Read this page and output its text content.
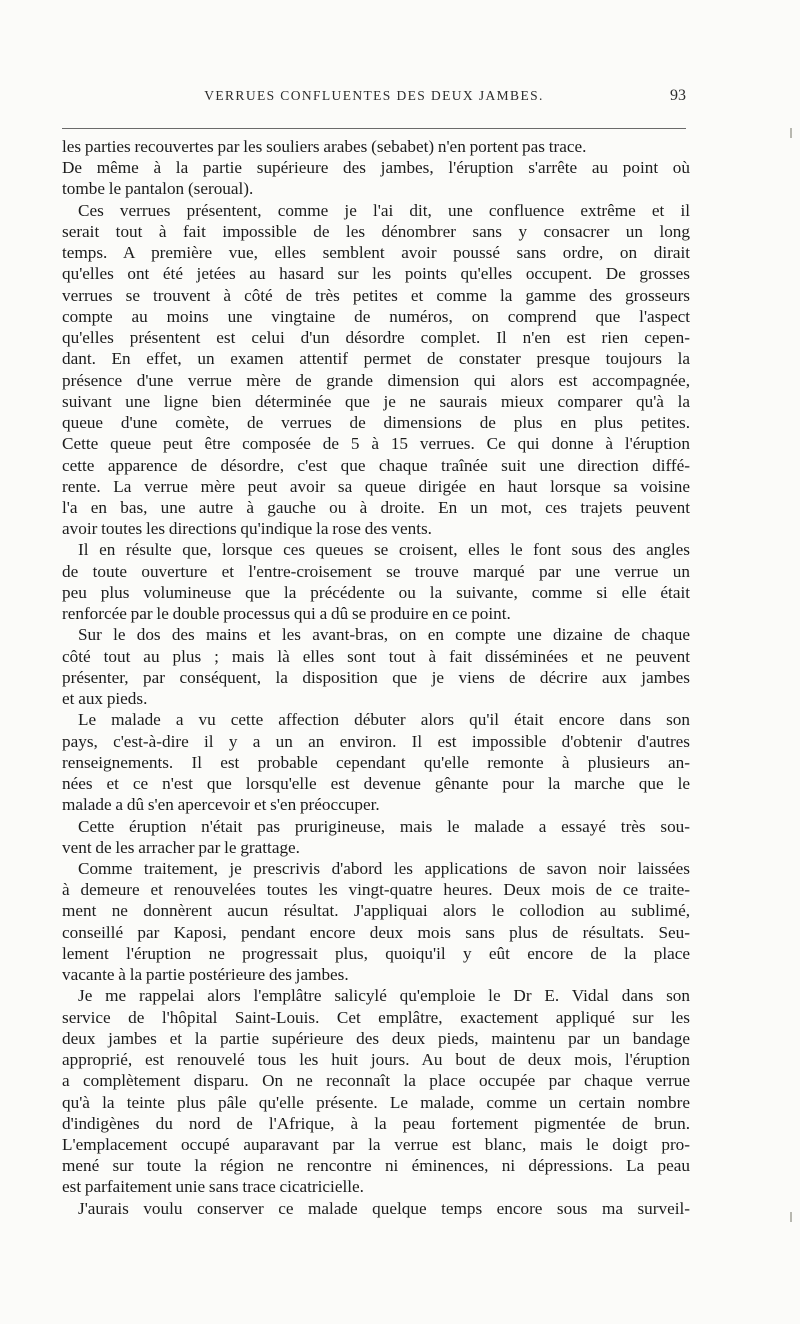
VERRUES CONFLUENTES DES DEUX JAMBES.	93
les parties recouvertes par les souliers arabes (sebabet) n'en portent pas trace.
De même à la partie supérieure des jambes, l'éruption s'arrête au point où
tombe le pantalon (seroual).
Ces verrues présentent, comme je l'ai dit, une confluence extrême et il
serait tout à fait impossible de les dénombrer sans y consacrer un long
temps. A première vue, elles semblent avoir poussé sans ordre, on dirait
qu'elles ont été jetées au hasard sur les points qu'elles occupent. De grosses
verrues se trouvent à côté de très petites et comme la gamme des grosseurs
compte au moins une vingtaine de numéros, on comprend que l'aspect
qu'elles présentent est celui d'un désordre complet. Il n'en est rien cepen-
dant. En effet, un examen attentif permet de constater presque toujours la
présence d'une verrue mère de grande dimension qui alors est accompagnée,
suivant une ligne bien déterminée que je ne saurais mieux comparer qu'à la
queue d'une comète, de verrues de dimensions de plus en plus petites.
Cette queue peut être composée de 5 à 15 verrues. Ce qui donne à l'éruption
cette apparence de désordre, c'est que chaque traînée suit une direction diffé-
rente. La verrue mère peut avoir sa queue dirigée en haut lorsque sa voisine
l'a en bas, une autre à gauche ou à droite. En un mot, ces trajets peuvent
avoir toutes les directions qu'indique la rose des vents.
Il en résulte que, lorsque ces queues se croisent, elles le font sous des angles
de toute ouverture et l'entre-croisement se trouve marqué par une verrue un
peu plus volumineuse que la précédente ou la suivante, comme si elle était
renforcée par le double processus qui a dû se produire en ce point.
Sur le dos des mains et les avant-bras, on en compte une dizaine de chaque
côté tout au plus ; mais là elles sont tout à fait disséminées et ne peuvent
présenter, par conséquent, la disposition que je viens de décrire aux jambes
et aux pieds.
Le malade a vu cette affection débuter alors qu'il était encore dans son
pays, c'est-à-dire il y a un an environ. Il est impossible d'obtenir d'autres
renseignements. Il est probable cependant qu'elle remonte à plusieurs an-
nées et ce n'est que lorsqu'elle est devenue gênante pour la marche que le
malade a dû s'en apercevoir et s'en préoccuper.
Cette éruption n'était pas prurigineuse, mais le malade a essayé très sou-
vent de les arracher par le grattage.
Comme traitement, je prescrivis d'abord les applications de savon noir laissées
à demeure et renouvelées toutes les vingt-quatre heures. Deux mois de ce traite-
ment ne donnèrent aucun résultat. J'appliquai alors le collodion au sublimé,
conseillé par Kaposi, pendant encore deux mois sans plus de résultats. Seu-
lement l'éruption ne progressait plus, quoiqu'il y eût encore de la place
vacante à la partie postérieure des jambes.
Je me rappelai alors l'emplâtre salicylé qu'emploie le Dr E. Vidal dans son
service de l'hôpital Saint-Louis. Cet emplâtre, exactement appliqué sur les
deux jambes et la partie supérieure des deux pieds, maintenu par un bandage
approprié, est renouvelé tous les huit jours. Au bout de deux mois, l'éruption
a complètement disparu. On ne reconnaît la place occupée par chaque verrue
qu'à la teinte plus pâle qu'elle présente. Le malade, comme un certain nombre
d'indigènes du nord de l'Afrique, à la peau fortement pigmentée de brun.
L'emplacement occupé auparavant par la verrue est blanc, mais le doigt pro-
mené sur toute la région ne rencontre ni éminences, ni dépressions. La peau
est parfaitement unie sans trace cicatricielle.
J'aurais voulu conserver ce malade quelque temps encore sous ma surveil-
